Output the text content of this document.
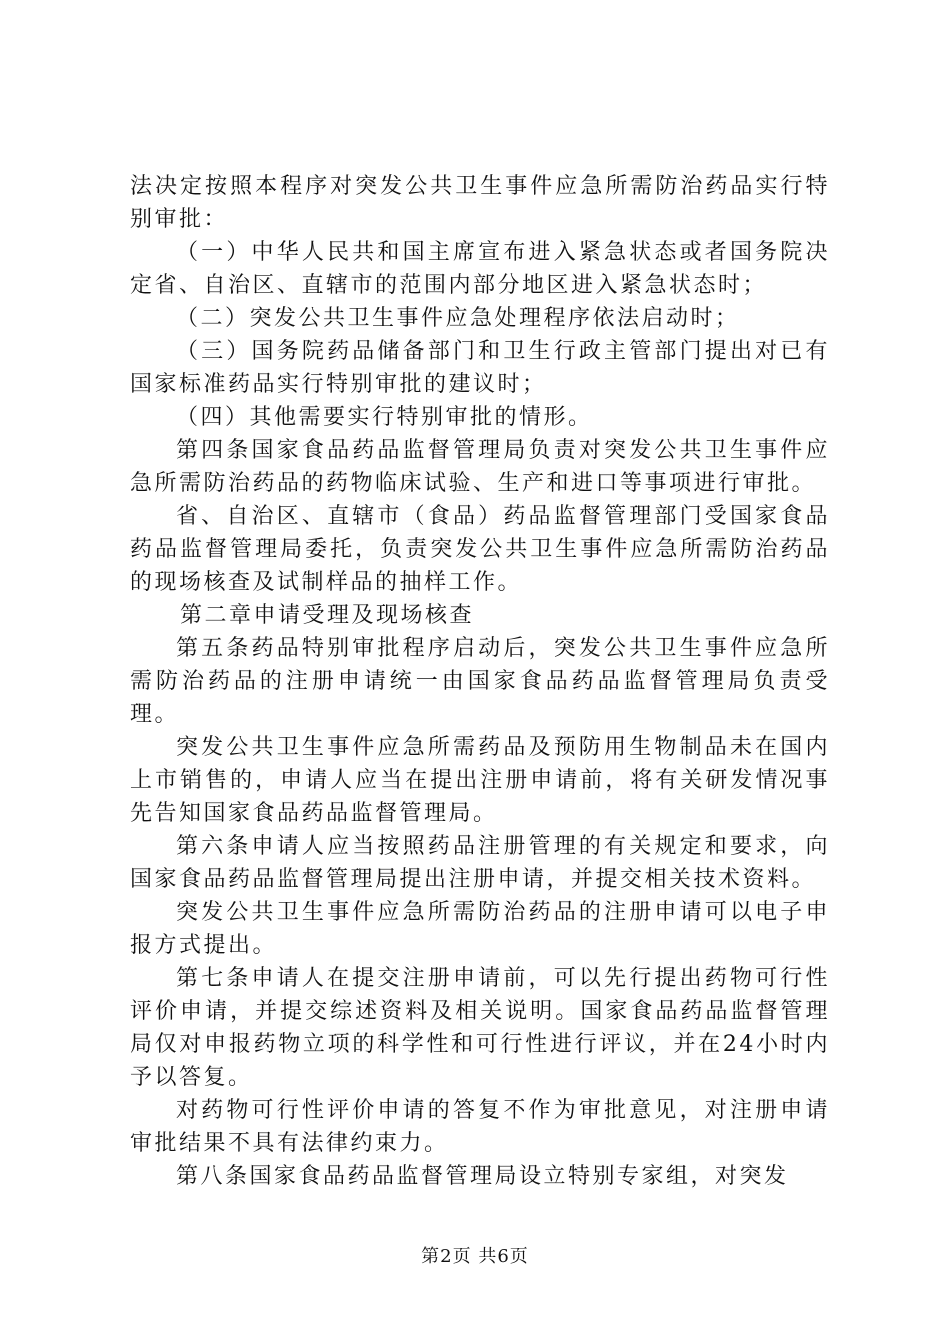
法决定按照本程序对突发公共卫生事件应急所需防治药品实行特别审批：

（一）中华人民共和国主席宣布进入紧急状态或者国务院决定省、自治区、直辖市的范围内部分地区进入紧急状态时；

（二）突发公共卫生事件应急处理程序依法启动时；

（三）国务院药品储备部门和卫生行政主管部门提出对已有国家标准药品实行特别审批的建议时；

（四）其他需要实行特别审批的情形。

第四条国家食品药品监督管理局负责对突发公共卫生事件应急所需防治药品的药物临床试验、生产和进口等事项进行审批。

省、自治区、直辖市（食品）药品监督管理部门受国家食品药品监督管理局委托，负责突发公共卫生事件应急所需防治药品的现场核查及试制样品的抽样工作。

第二章申请受理及现场核查

第五条药品特别审批程序启动后，突发公共卫生事件应急所需防治药品的注册申请统一由国家食品药品监督管理局负责受理。

突发公共卫生事件应急所需药品及预防用生物制品未在国内上市销售的，申请人应当在提出注册申请前，将有关研发情况事先告知国家食品药品监督管理局。

第六条申请人应当按照药品注册管理的有关规定和要求，向国家食品药品监督管理局提出注册申请，并提交相关技术资料。

突发公共卫生事件应急所需防治药品的注册申请可以电子申报方式提出。

第七条申请人在提交注册申请前，可以先行提出药物可行性评价申请，并提交综述资料及相关说明。国家食品药品监督管理局仅对申报药物立项的科学性和可行性进行评议，并在24小时内予以答复。

对药物可行性评价申请的答复不作为审批意见，对注册申请审批结果不具有法律约束力。

第八条国家食品药品监督管理局设立特别专家组，对突发

第2页 共6页
